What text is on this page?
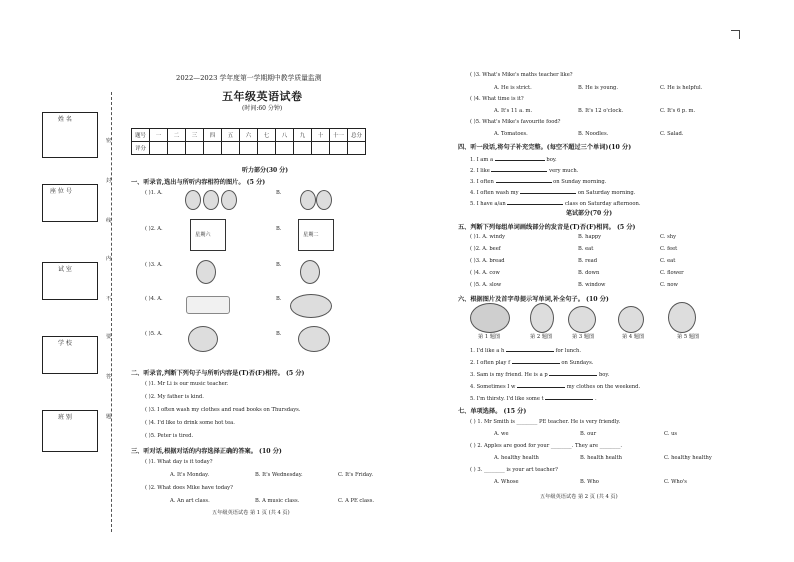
姓 名
座 位 号
试 室
学 校
班 别
密
封
线
内
不
要
答
题
2022—2023 学年度第一学期期中教学质量监测
五年级英语试卷
(时间:60 分钟)
题号	一	二	三	四	五	六	七	八	九	十	十一	总分
评分												
听力部分(30 分)
一、听录音,选出与所听内容相符的图片。 (5 分)
( )1. A.	B.
( )2. A.
星期六
B.
星期二
( )3. A.	B.
( )4. A.	B.
( )5. A.	B.
二、听录音,判断下列句子与所听内容是(T)否(F)相符。 (5 分)
( )1. Mr Li is our music teacher.
( )2. My father is kind.
( )3. I often wash my clothes and read books on Thursdays.
( )4. I'd like to drink some hot tea.
( )5. Peter is tired.
三、听对话,根据对话的内容选择正确的答案。 (10 分)
( )1. What day is it today?
A. It's Monday.	B. It's Wednesday.	C. It's Friday.
( )2. What does Mike have today?
A. An art class.	B. A music class.	C. A PE class.
五年级英语试卷 第 1 页 (共 4 页)
( )3. What's Mike's maths teacher like?
A. He is strict.	B. He is young.	C. He is helpful.
( )4. What time is it?
A. It's 11 a. m.	B. It's 12 o'clock.	C. It's 6 p. m.
( )5. What's Mike's favourite food?
A. Tomatoes.	B. Noodles.	C. Salad.
四、听一段话,将句子补充完整。(每空不超过三个单词)(10 分)
1. I am a	boy.
2. I like	very much.
3. I often	on Sunday morning.
4. I often wash my	on Saturday morning.
5. I have a/an	class on Saturday afternoon.
笔试部分(70 分)
五、判断下列每组单词画线部分的发音是(T)否(F)相同。 (5 分)
( )1. A. windy	B. happy	C. shy
( )2. A. beef	B. eat	C. feet
( )3. A. bread	B. read	C. eat
( )4. A. cow	B. down	C. flower
( )5. A. slow	B. window	C. now
六、根据图片及首字母提示写单词,补全句子。 (10 分)
第 1 题图	第 2 题图	第 3 题图	第 4 题图	第 5 题图
1. I'd like a h	for lunch.
2. I often play f	on Sundays.
3. Sam is my friend. He is a p	boy.
4. Sometimes I w	my clothes on the weekend.
5. I'm thirsty. I'd like some t	.
七、单项选择。 (15 分)
( ) 1. Mr Smith is ________ PE teacher. He is very friendly.
A. we	B. our	C. us
( ) 2. Apples are good for your ________. They are ________.
A. healthy health	B. health health	C. healthy healthy
( ) 3. ________ is your art teacher?
A. Whose	B. Who	C. Who's
五年级英语试卷 第 2 页 (共 4 页)
